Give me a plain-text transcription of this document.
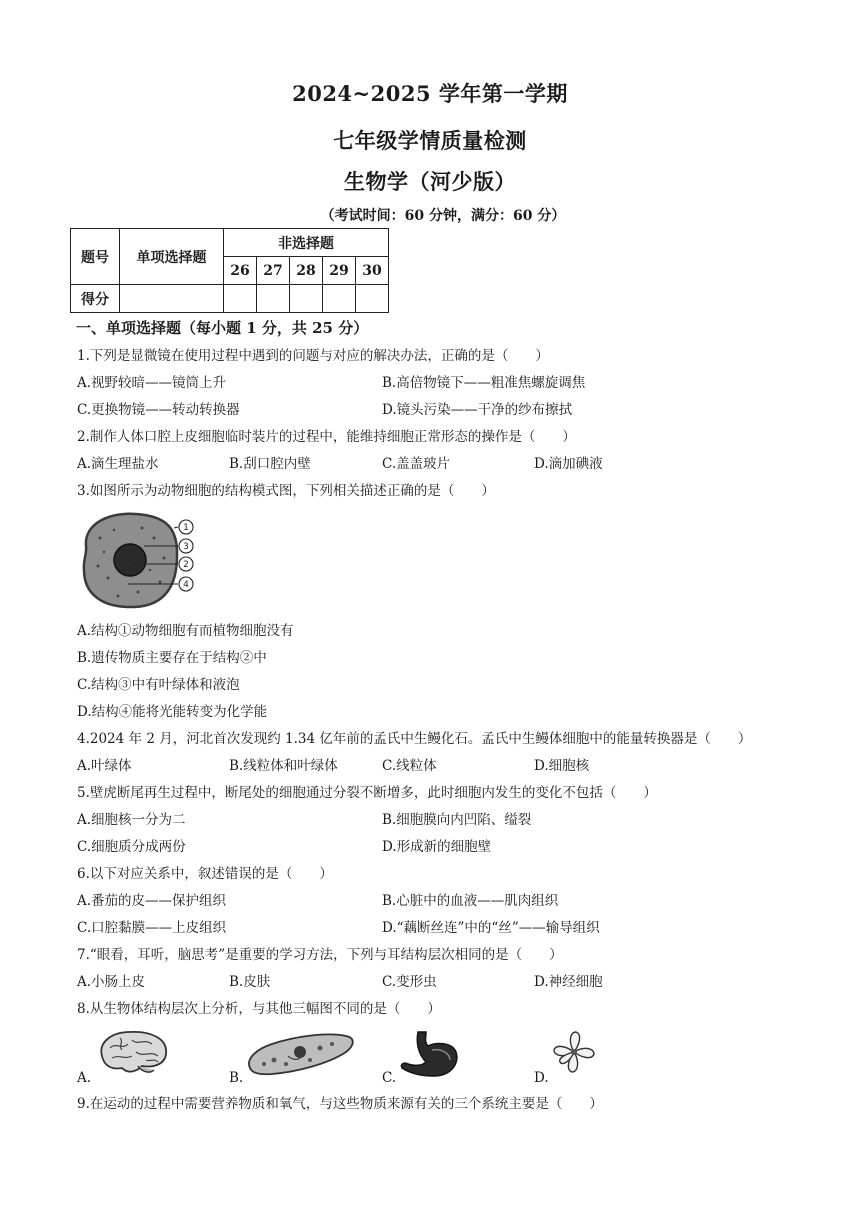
2024~2025 学年第一学期
七年级学情质量检测
生物学（河少版）
（考试时间：60 分钟，满分：60 分）
题号	单项选择题	非选择题				
		26	27	28	29	30
得分						
一、单项选择题（每小题 1 分，共 25 分）
1.下列是显微镜在使用过程中遇到的问题与对应的解决办法，正确的是（　　）
A.视野较暗——镜筒上升	B.高倍物镜下——粗准焦螺旋调焦
C.更换物镜——转动转换器	D.镜头污染——干净的纱布擦拭
2.制作人体口腔上皮细胞临时装片的过程中，能维持细胞正常形态的操作是（　　）
A.滴生理盐水	B.刮口腔内壁	C.盖盖玻片	D.滴加碘液
3.如图所示为动物细胞的结构模式图，下列相关描述正确的是（　　）
1
3
2
4
A.结构①动物细胞有而植物细胞没有
B.遗传物质主要存在于结构②中
C.结构③中有叶绿体和液泡
D.结构④能将光能转变为化学能
4.2024 年 2 月，河北首次发现约 1.34 亿年前的孟氏中生鳗化石。孟氏中生鳗体细胞中的能量转换器是（　　）
A.叶绿体	B.线粒体和叶绿体	C.线粒体	D.细胞核
5.壁虎断尾再生过程中，断尾处的细胞通过分裂不断增多，此时细胞内发生的变化不包括（　　）
A.细胞核一分为二	B.细胞膜向内凹陷、缢裂
C.细胞质分成两份	D.形成新的细胞壁
6.以下对应关系中，叙述错误的是（　　）
A.番茄的皮——保护组织	B.心脏中的血液——肌肉组织
C.口腔黏膜——上皮组织	D.“藕断丝连”中的“丝”——输导组织
7.“眼看，耳听，脑思考”是重要的学习方法，下列与耳结构层次相同的是（　　）
A.小肠上皮	B.皮肤	C.变形虫	D.神经细胞
8.从生物体结构层次上分析，与其他三幅图不同的是（　　）
A.	B.	C.	D.
9.在运动的过程中需要营养物质和氧气，与这些物质来源有关的三个系统主要是（　　）
